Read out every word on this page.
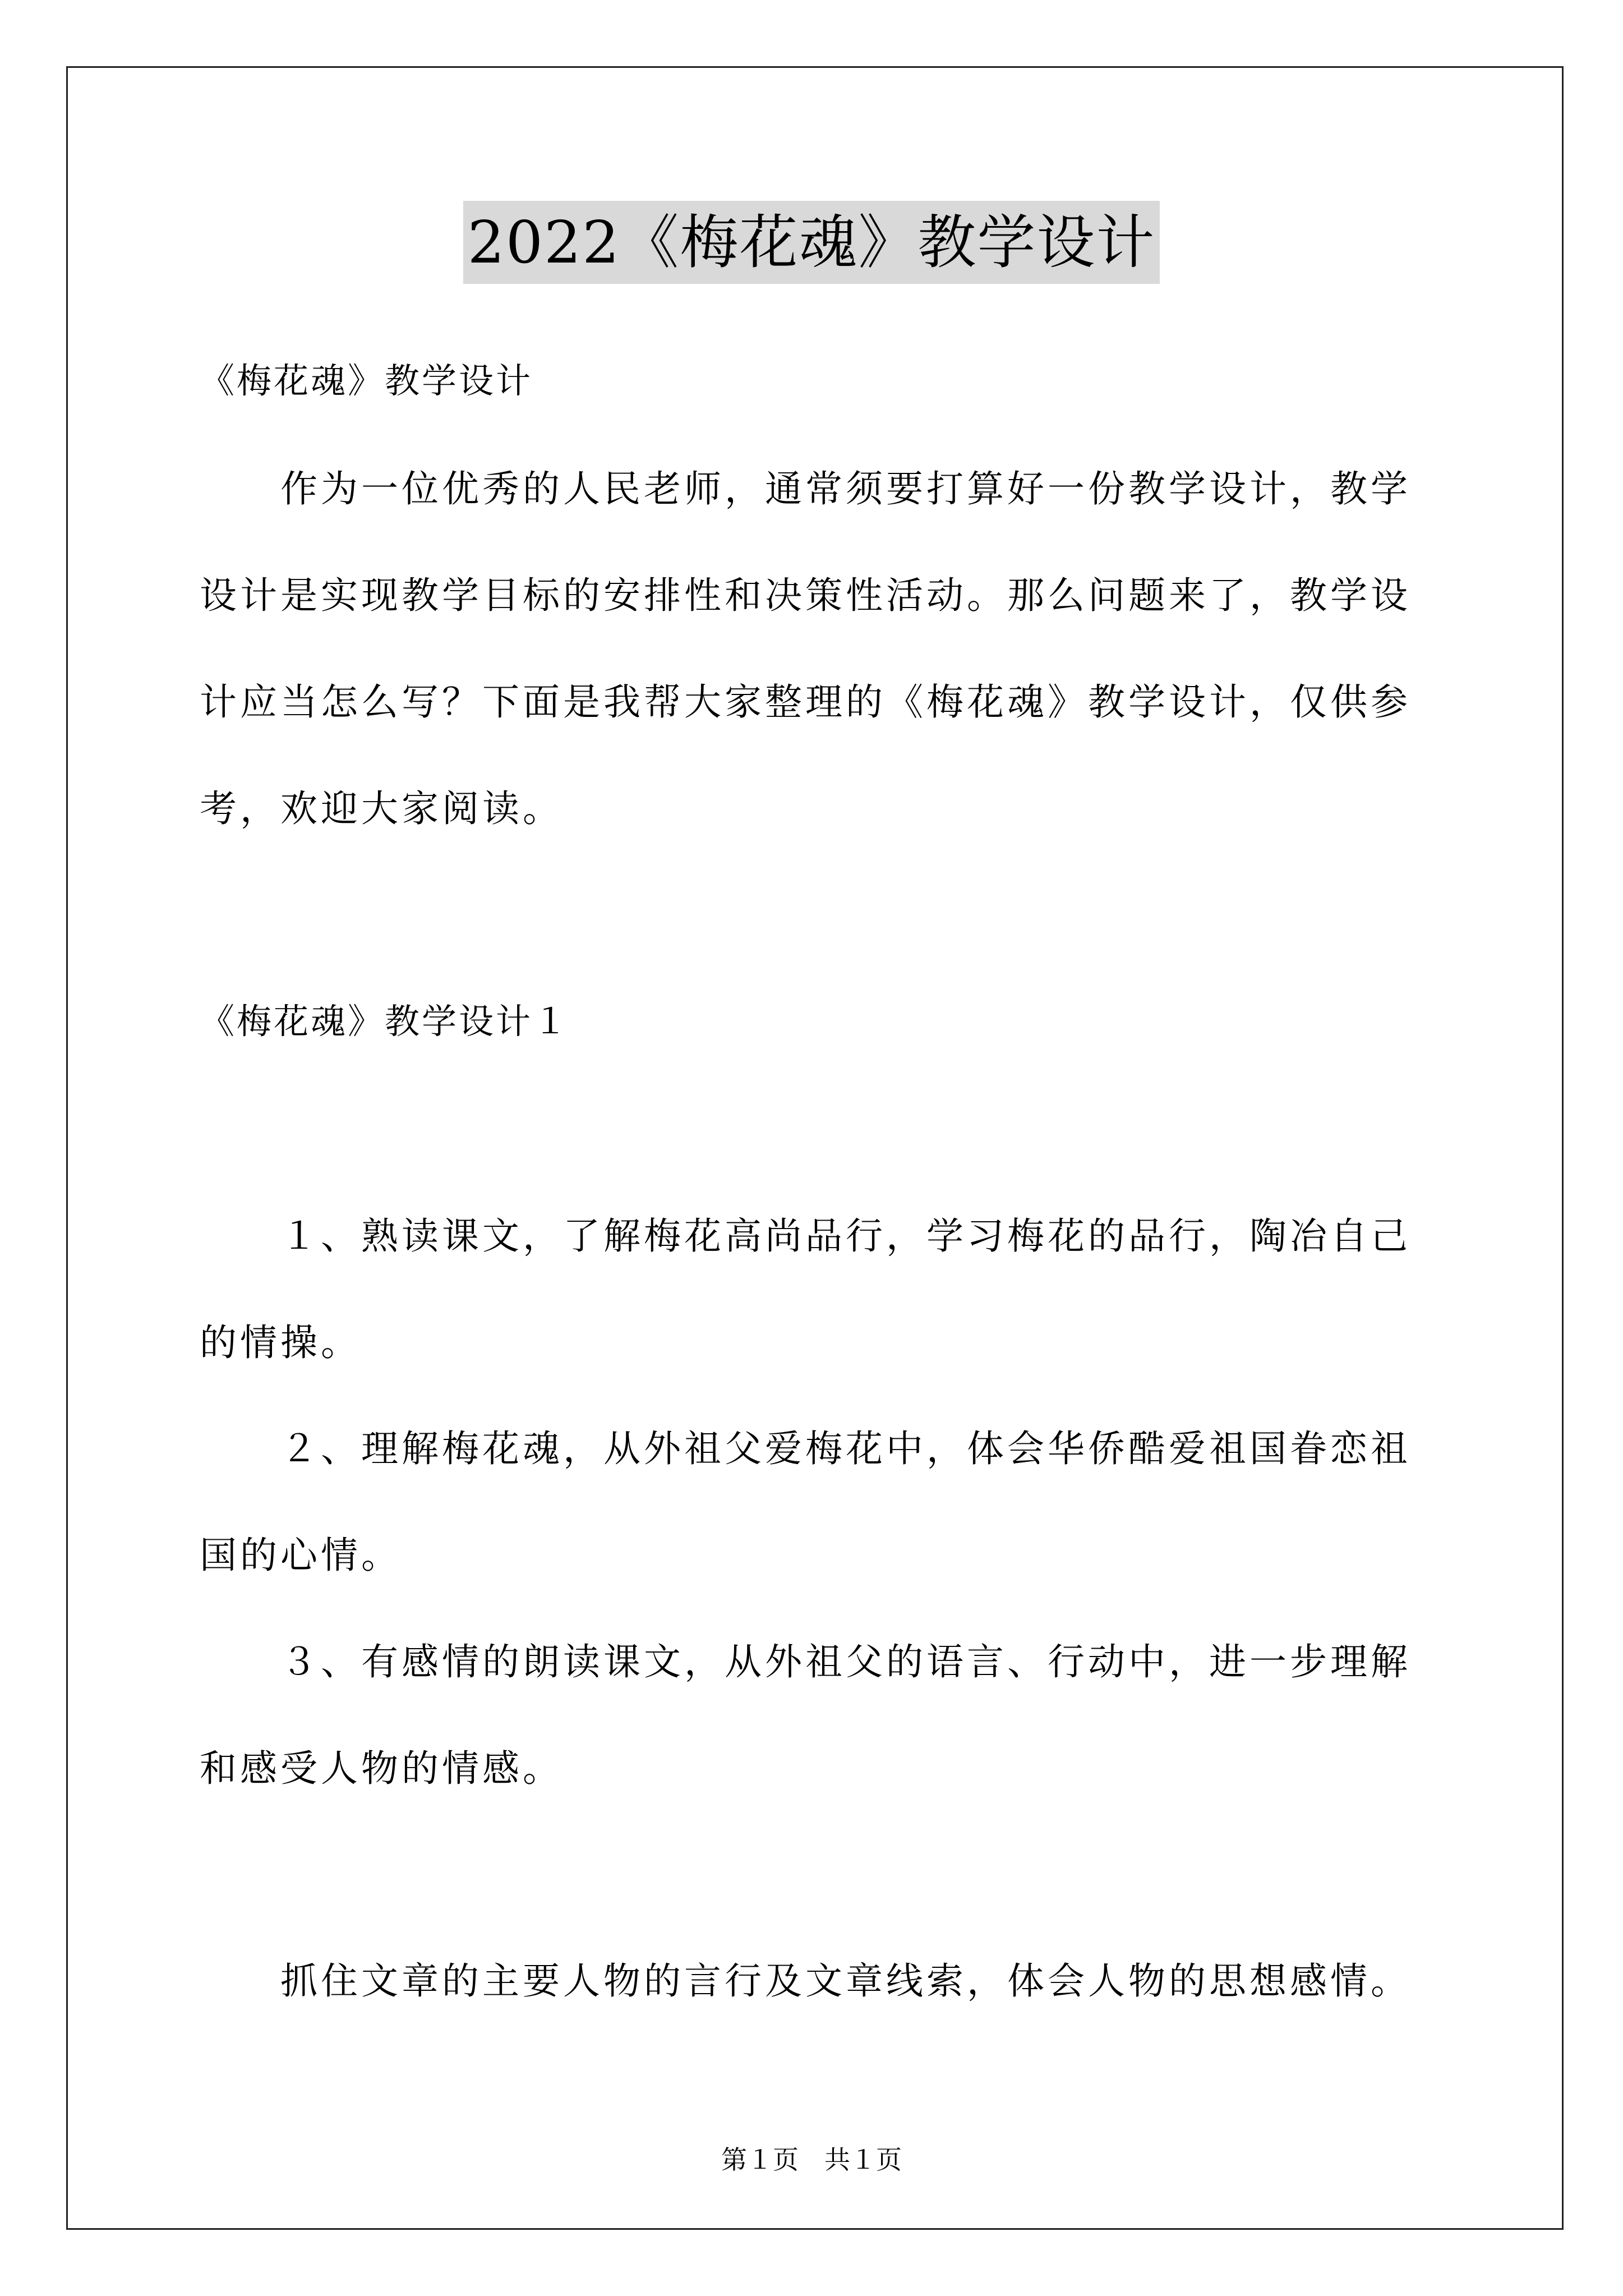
2022《梅花魂》教学设计
《梅花魂》教学设计
作为一位优秀的人民老师，通常须要打算好一份教学设计，教学
设计是实现教学目标的安排性和决策性活动。那么问题来了，教学设
计应当怎么写？下面是我帮大家整理的《梅花魂》教学设计，仅供参
考，欢迎大家阅读。
《梅花魂》教学设计１
１、熟读课文，了解梅花高尚品行，学习梅花的品行，陶冶自己
的情操。
２、理解梅花魂，从外祖父爱梅花中，体会华侨酷爱祖国眷恋祖
国的心情。
３、有感情的朗读课文，从外祖父的语言、行动中，进一步理解
和感受人物的情感。
抓住文章的主要人物的言行及文章线索，体会人物的思想感情。
第１页　共１页
